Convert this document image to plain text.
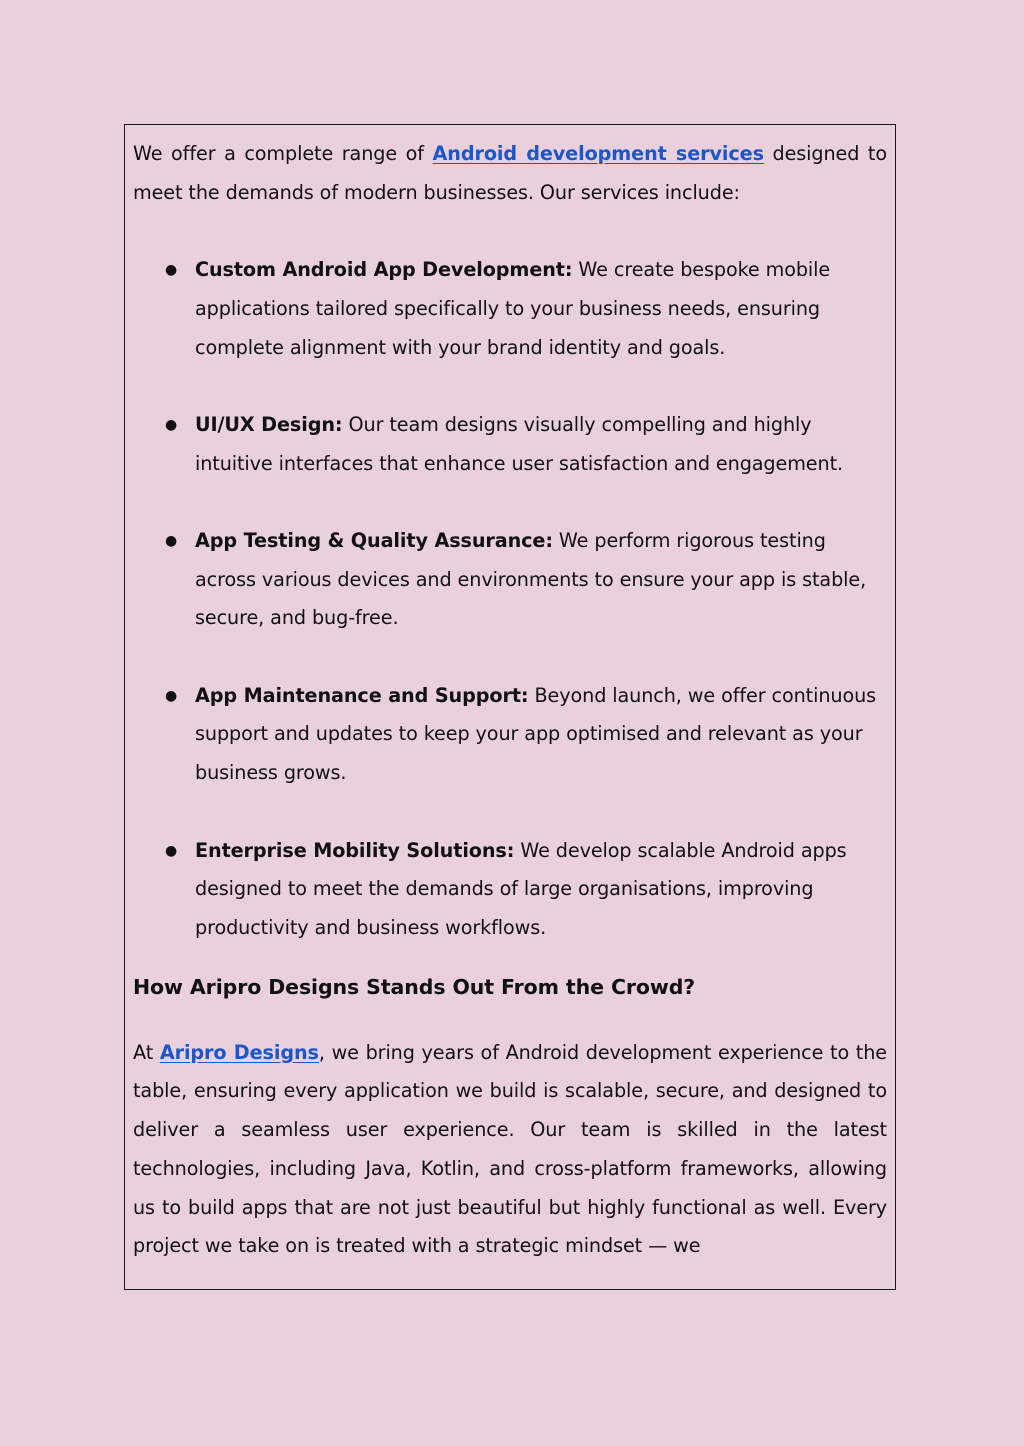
We offer a complete range of Android development services designed to meet the demands of modern businesses. Our services include:

● Custom Android App Development: We create bespoke mobile applications tailored specifically to your business needs, ensuring complete alignment with your brand identity and goals.
● UI/UX Design: Our team designs visually compelling and highly intuitive interfaces that enhance user satisfaction and engagement.
● App Testing & Quality Assurance: We perform rigorous testing across various devices and environments to ensure your app is stable, secure, and bug-free.
● App Maintenance and Support: Beyond launch, we offer continuous support and updates to keep your app optimised and relevant as your business grows.
● Enterprise Mobility Solutions: We develop scalable Android apps designed to meet the demands of large organisations, improving productivity and business workflows.
How Aripro Designs Stands Out From the Crowd?

At Aripro Designs, we bring years of Android development experience to the table, ensuring every application we build is scalable, secure, and designed to deliver a seamless user experience. Our team is skilled in the latest technologies, including Java, Kotlin, and cross-platform frameworks, allowing us to build apps that are not just beautiful but highly functional as well. Every project we take on is treated with a strategic mindset — we
